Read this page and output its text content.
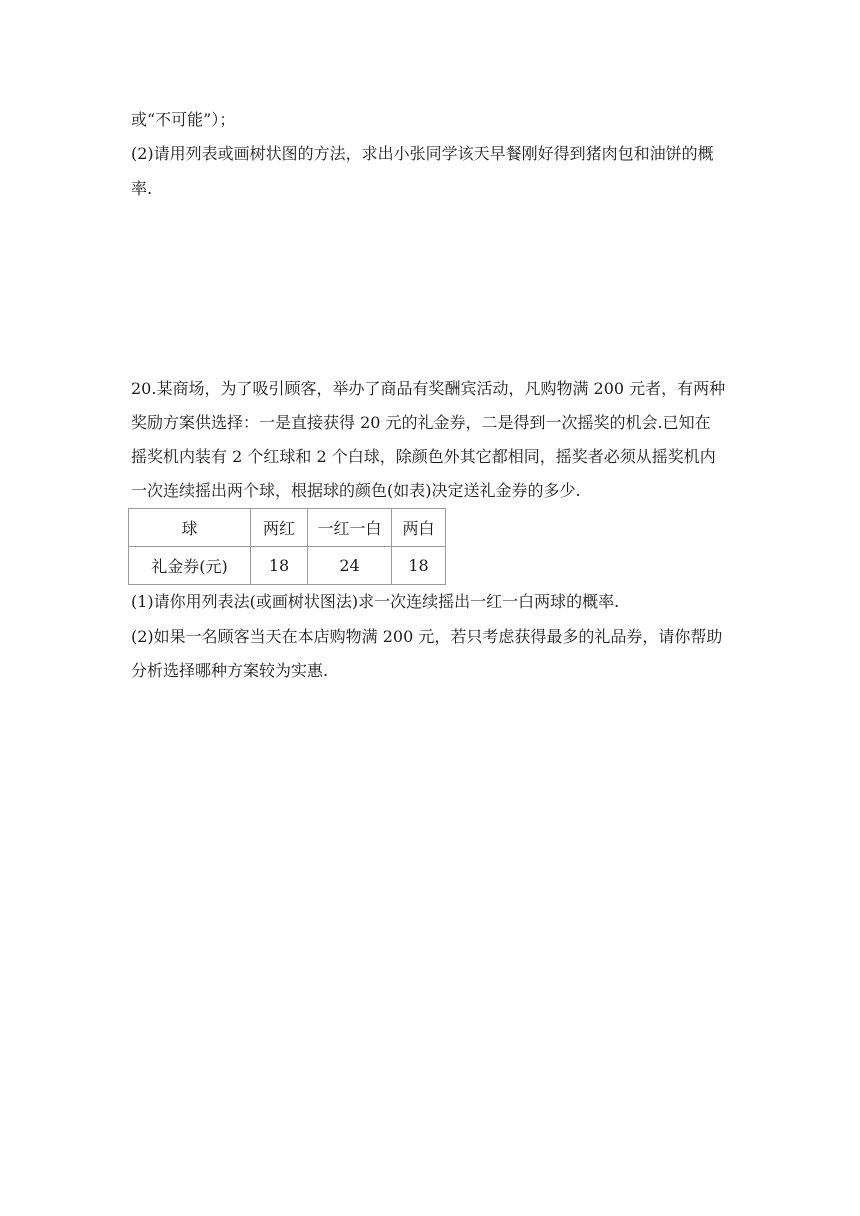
或“不可能”）；

(2)请用列表或画树状图的方法，求出小张同学该天早餐刚好得到猪肉包和油饼的概

率.

20.某商场，为了吸引顾客，举办了商品有奖酬宾活动，凡购物满 200 元者，有两种

奖励方案供选择：一是直接获得 20 元的礼金券，二是得到一次摇奖的机会.已知在

摇奖机内装有 2 个红球和 2 个白球，除颜色外其它都相同，摇奖者必须从摇奖机内

一次连续摇出两个球，根据球的颜色(如表)决定送礼金券的多少.

球	两红	一红一白	两白
礼金券(元)	18	24	18

(1)请你用列表法(或画树状图法)求一次连续摇出一红一白两球的概率.

(2)如果一名顾客当天在本店购物满 200 元，若只考虑获得最多的礼品券，请你帮助

分析选择哪种方案较为实惠.
